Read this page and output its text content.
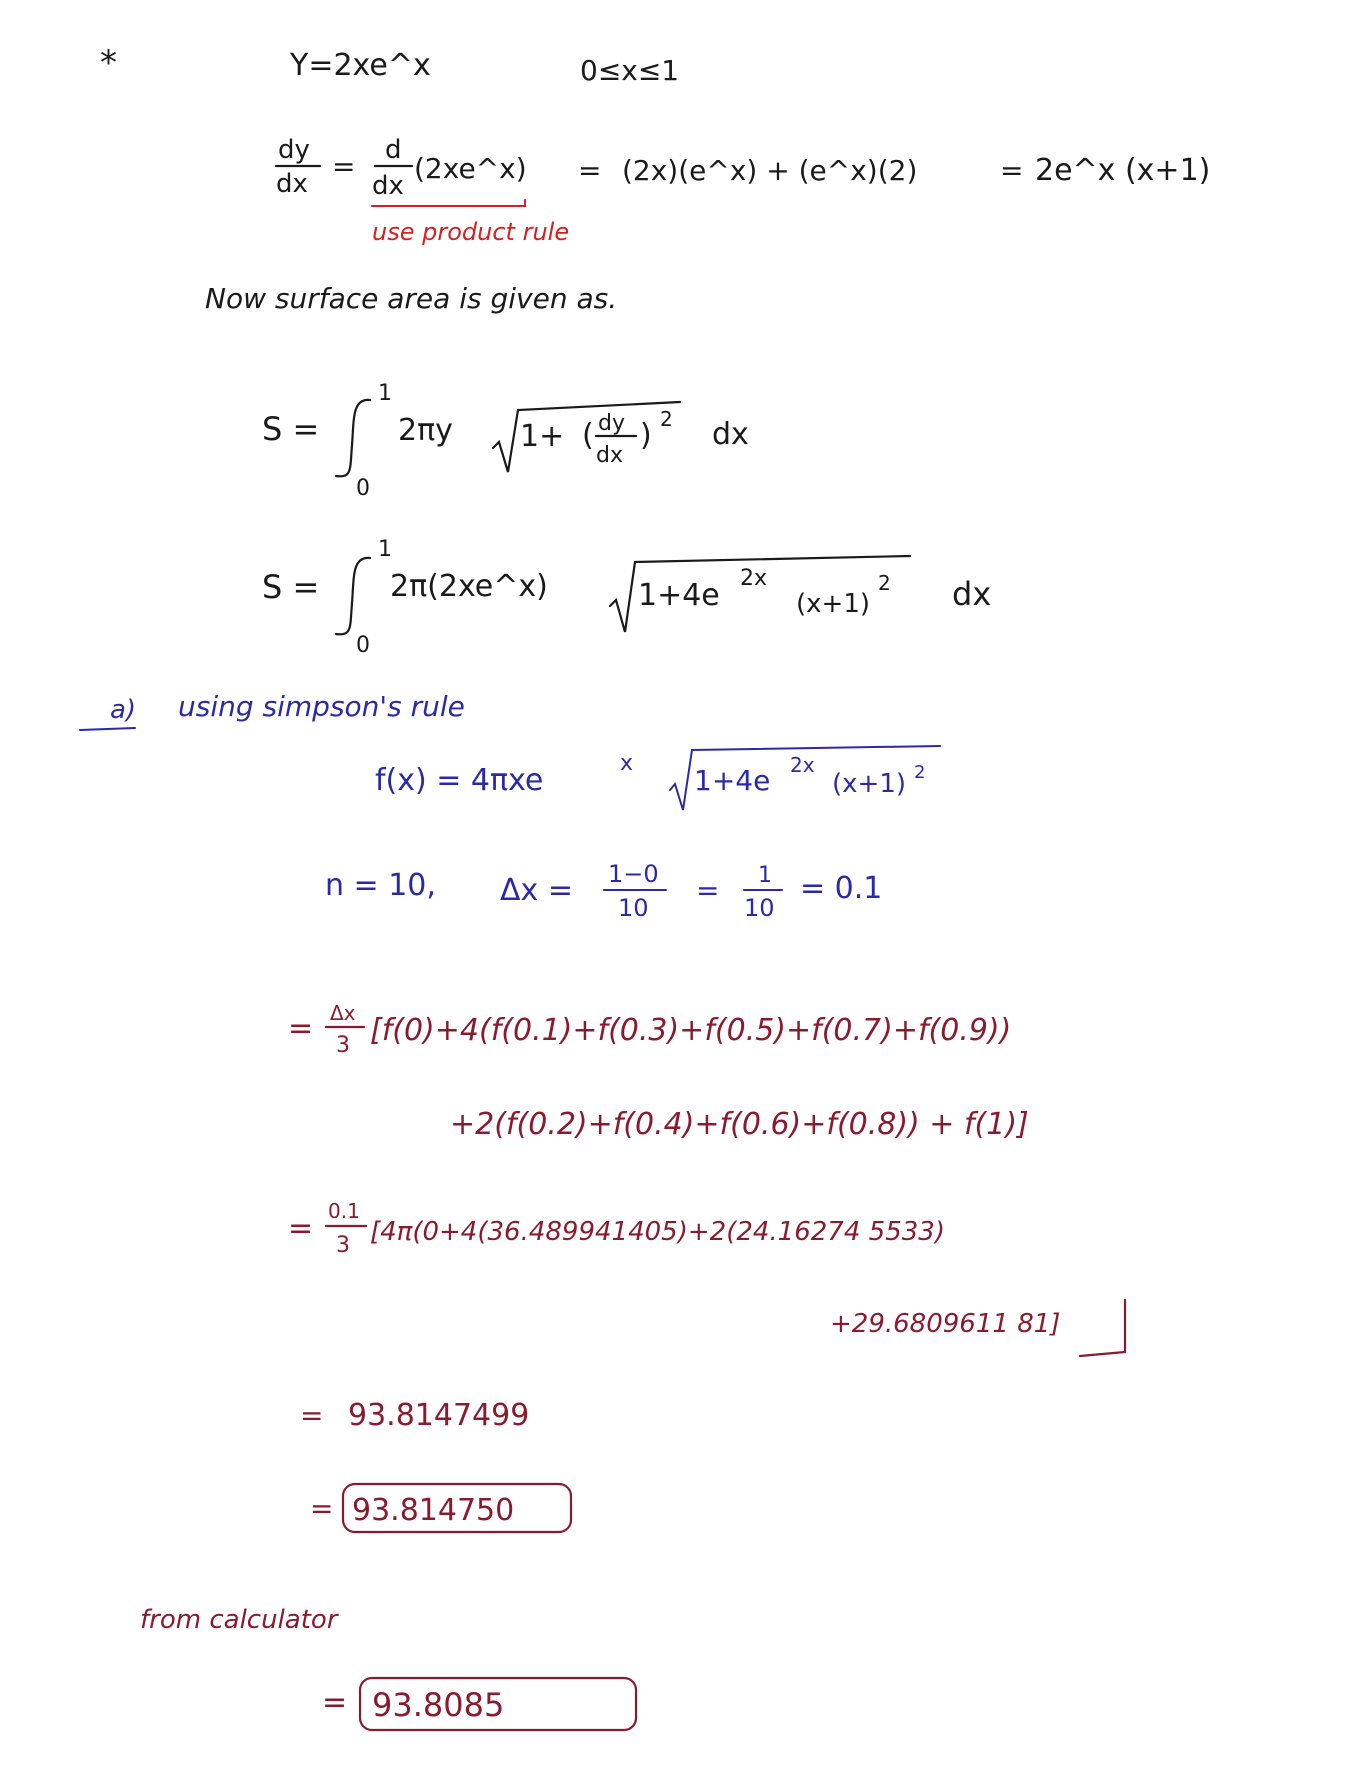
*	Y=2xe^x	0≤x≤1
dy
dx
= d
dx
(2xe^x) = (2x)(e^x) + (e^x)(2)	= 2e^x (x+1)
use product rule
Now surface area is given as.
S =
1
0
2πy 1+ ( dy
dx
) 2 dx
S =
1
0
2π(2xe^x)	1+4e 2x
(x+1)
2 dx
a) using simpson's rule
f(x) = 4πxe	x
1+4e 2x
(x+1) 2
n = 10, Δx = 1−0
10
= 1
10
= 0.1
= Δx
3 [f(0)+4(f(0.1)+f(0.3)+f(0.5)+f(0.7)+f(0.9))
+2(f(0.2)+f(0.4)+f(0.6)+f(0.8)) + f(1)]
= 0.1
3 [4π(0+4(36.489941405)+2(24.16274 5533)
+29.6809611 81]
= 93.8147499
= 93.814750
from calculator
= 93.8085
